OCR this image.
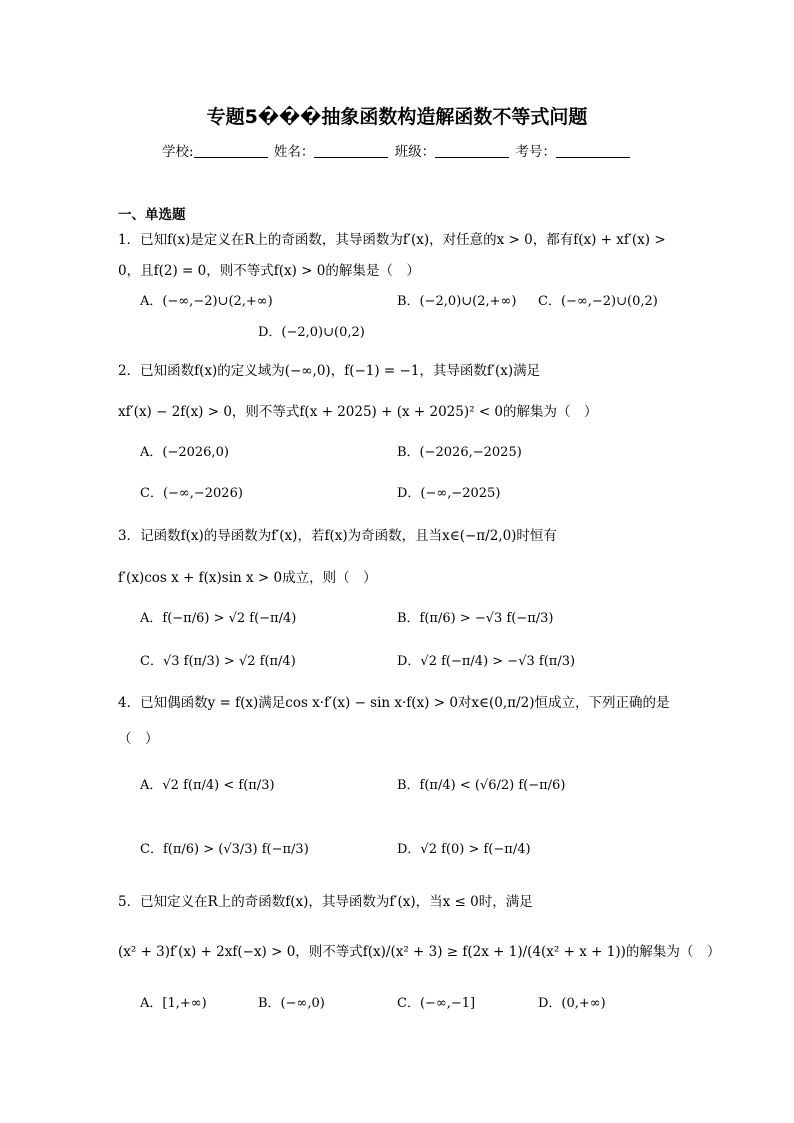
专题5���抽象函数构造解函数不等式问题
学校:	姓名：	班级：	考号：
一、单选题
1．已知f(x)是定义在R上的奇函数，其导函数为f′(x)，对任意的x > 0，都有f(x) + xf′(x) >
0，且f(2) = 0，则不等式f(x) > 0的解集是（　）
A．(−∞,−2)∪(2,+∞)	B．(−2,0)∪(2,+∞) C．(−∞,−2)∪(0,2)
D．(−2,0)∪(0,2)
2．已知函数f(x)的定义域为(−∞,0)，f(−1) = −1，其导函数f′(x)满足
xf′(x) − 2f(x) > 0，则不等式f(x + 2025) + (x + 2025)² < 0的解集为（　）
A．(−2026,0)	B．(−2026,−2025)
C．(−∞,−2026)	D．(−∞,−2025)
3．记函数f(x)的导函数为f′(x)，若f(x)为奇函数，且当x∈(−π/2,0)时恒有
f′(x)cos x + f(x)sin x > 0成立，则（　）
A．f(−π/6) > √2 f(−π/4)	B．f(π/6) > −√3 f(−π/3)
C．√3 f(π/3) > √2 f(π/4)	D．√2 f(−π/4) > −√3 f(π/3)
4．已知偶函数y = f(x)满足cos x·f′(x) − sin x·f(x) > 0对x∈(0,π/2)恒成立，下列正确的是
（　）
A．√2 f(π/4) < f(π/3)	B．f(π/4) < (√6/2) f(−π/6)
C．f(π/6) > (√3/3) f(−π/3)	D．√2 f(0) > f(−π/4)
5．已知定义在R上的奇函数f(x)，其导函数为f′(x)，当x ≤ 0时，满足
(x² + 3)f′(x) + 2xf(−x) > 0，则不等式f(x)/(x² + 3) ≥ f(2x + 1)/(4(x² + x + 1))的解集为（　）
A．[1,+∞)	B．(−∞,0)	C．(−∞,−1]	D．(0,+∞)
